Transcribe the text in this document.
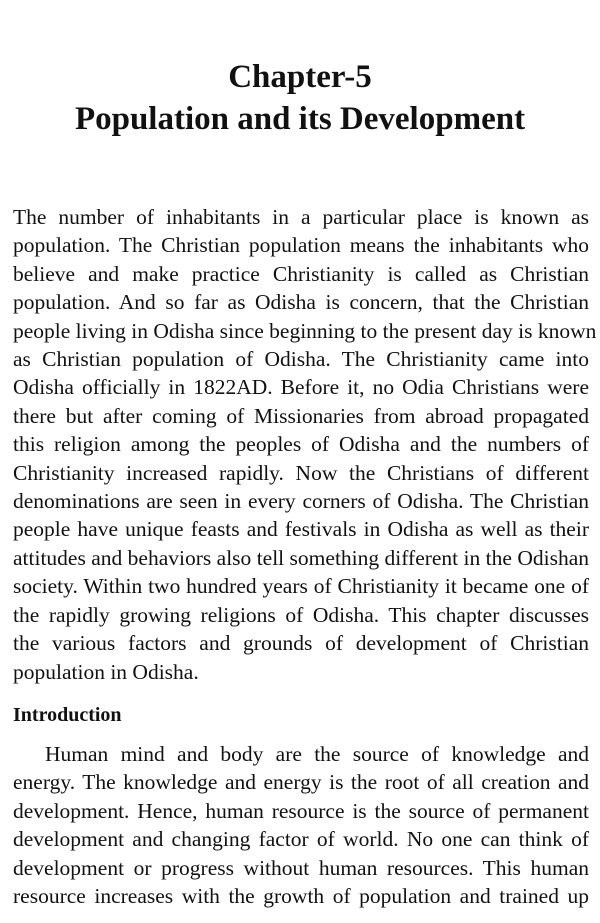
Chapter-5
Population and its Development

The number of inhabitants in a particular place is known as
population. The Christian population means the inhabitants who
believe and make practice Christianity is called as Christian
population. And so far as Odisha is concern, that the Christian
people living in Odisha since beginning to the present day is known
as Christian population of Odisha. The Christianity came into
Odisha officially in 1822AD. Before it, no Odia Christians were
there but after coming of Missionaries from abroad propagated
this religion among the peoples of Odisha and the numbers of
Christianity increased rapidly. Now the Christians of different
denominations are seen in every corners of Odisha. The Christian
people have unique feasts and festivals in Odisha as well as their
attitudes and behaviors also tell something different in the Odishan
society. Within two hundred years of Christianity it became one of
the rapidly growing religions of Odisha. This chapter discusses
the various factors and grounds of development of Christian
population in Odisha.

Introduction

Human mind and body are the source of knowledge and
energy. The knowledge and energy is the root of all creation and
development. Hence, human resource is the source of permanent
development and changing factor of world. No one can think of
development or progress without human resources. This human
resource increases with the growth of population and trained up
